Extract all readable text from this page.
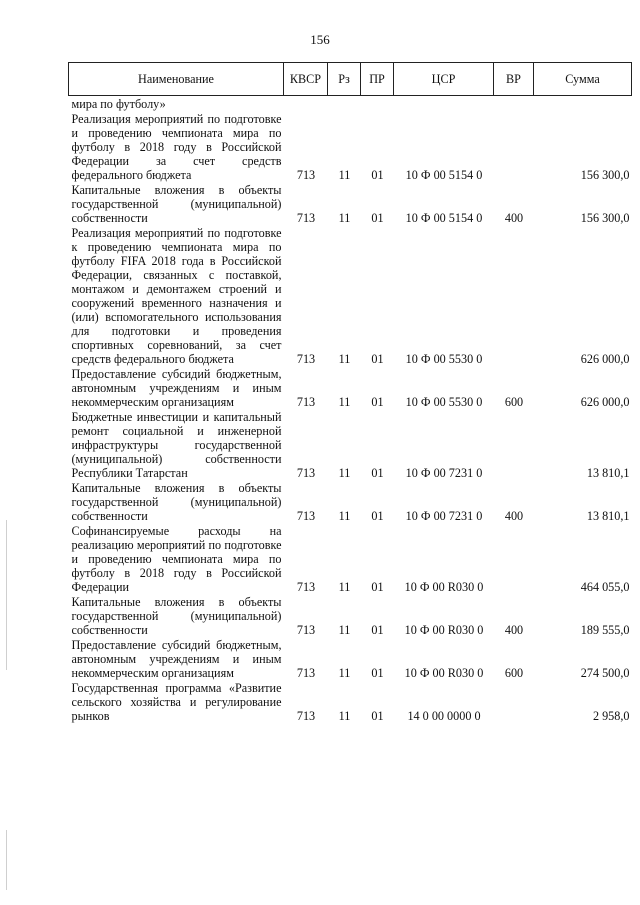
156
Наименование	КВСР	Рз	ПР	ЦСР	ВР	Сумма
мира по футболу»						
Реализация мероприятий по подготовке и проведению чемпионата мира по футболу в 2018 году в Российской Федерации за счет средств федерального бюджета	713	11	01	10 Ф 00 5154 0		156 300,0
Капитальные вложения в объекты государственной (муниципальной) собственности	713	11	01	10 Ф 00 5154 0	400	156 300,0
Реализация мероприятий по подготовке к проведению чемпионата мира по футболу FIFA 2018 года в Российской Федерации, связанных с поставкой, монтажом и демонтажем строений и сооружений временного назначения и (или) вспомогательного использования для подготовки и проведения спортивных соревнований, за счет средств федерального бюджета	713	11	01	10 Ф 00 5530 0		626 000,0
Предоставление субсидий бюджетным, автономным учреждениям и иным некоммерческим организациям	713	11	01	10 Ф 00 5530 0	600	626 000,0
Бюджетные инвестиции и капитальный ремонт социальной и инженерной инфраструктуры государственной (муниципальной) собственности Республики Татарстан	713	11	01	10 Ф 00 7231 0		13 810,1
Капитальные вложения в объекты государственной (муниципальной) собственности	713	11	01	10 Ф 00 7231 0	400	13 810,1
Софинансируемые расходы на реализацию мероприятий по подготовке и проведению чемпионата мира по футболу в 2018 году в Российской Федерации	713	11	01	10 Ф 00 R030 0		464 055,0
Капитальные вложения в объекты государственной (муниципальной) собственности	713	11	01	10 Ф 00 R030 0	400	189 555,0
Предоставление субсидий бюджетным, автономным учреждениям и иным некоммерческим организациям	713	11	01	10 Ф 00 R030 0	600	274 500,0
Государственная программа «Развитие сельского хозяйства и регулирование рынков	713	11	01	14 0 00 0000 0		2 958,0
